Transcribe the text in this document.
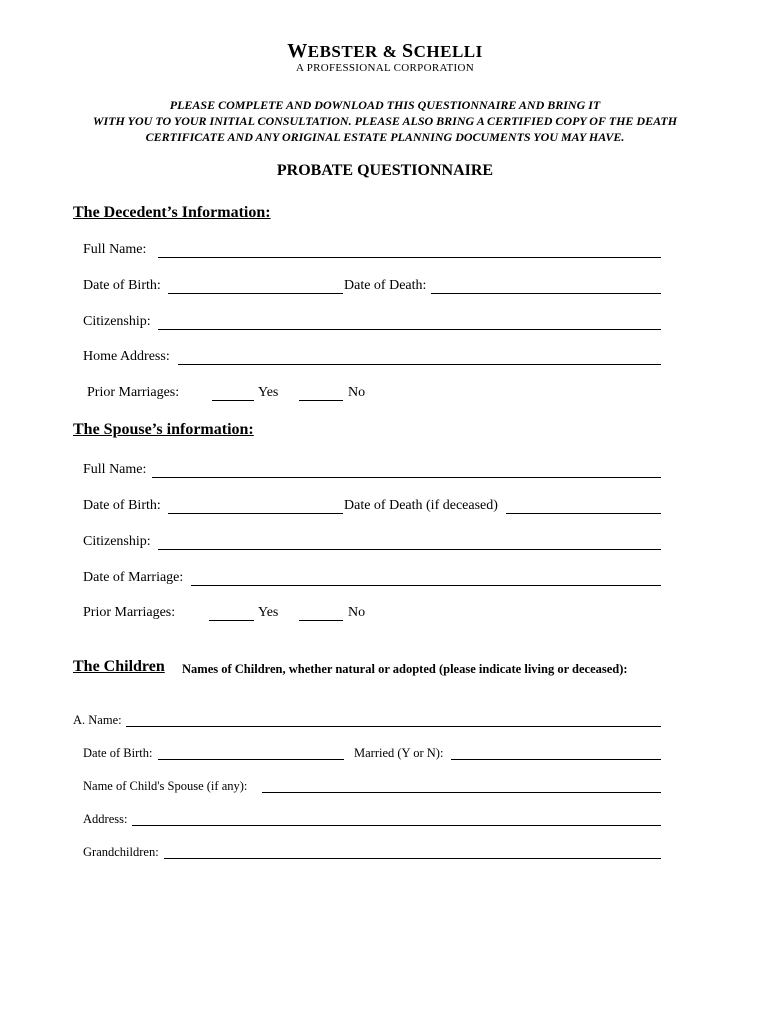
WEBSTER & SCHELLI
A PROFESSIONAL CORPORATION
PLEASE COMPLETE AND DOWNLOAD THIS QUESTIONNAIRE AND BRING IT
WITH YOU TO YOUR INITIAL CONSULTATION. PLEASE ALSO BRING A CERTIFIED COPY OF THE DEATH
CERTIFICATE AND ANY ORIGINAL ESTATE PLANNING DOCUMENTS YOU MAY HAVE.
PROBATE QUESTIONNAIRE
The Decedent’s Information:
Full Name:
Date of Birth:	Date of Death:
Citizenship:
Home Address:
Prior Marriages:	Yes	No
The Spouse’s information:
Full Name:
Date of Birth:	Date of Death (if deceased)
Citizenship:
Date of Marriage:
Prior Marriages:	Yes	No
The Children Names of Children, whether natural or adopted (please indicate living or deceased):
A. Name:
Date of Birth:	Married (Y or N):
Name of Child's Spouse (if any):
Address:
Grandchildren:
